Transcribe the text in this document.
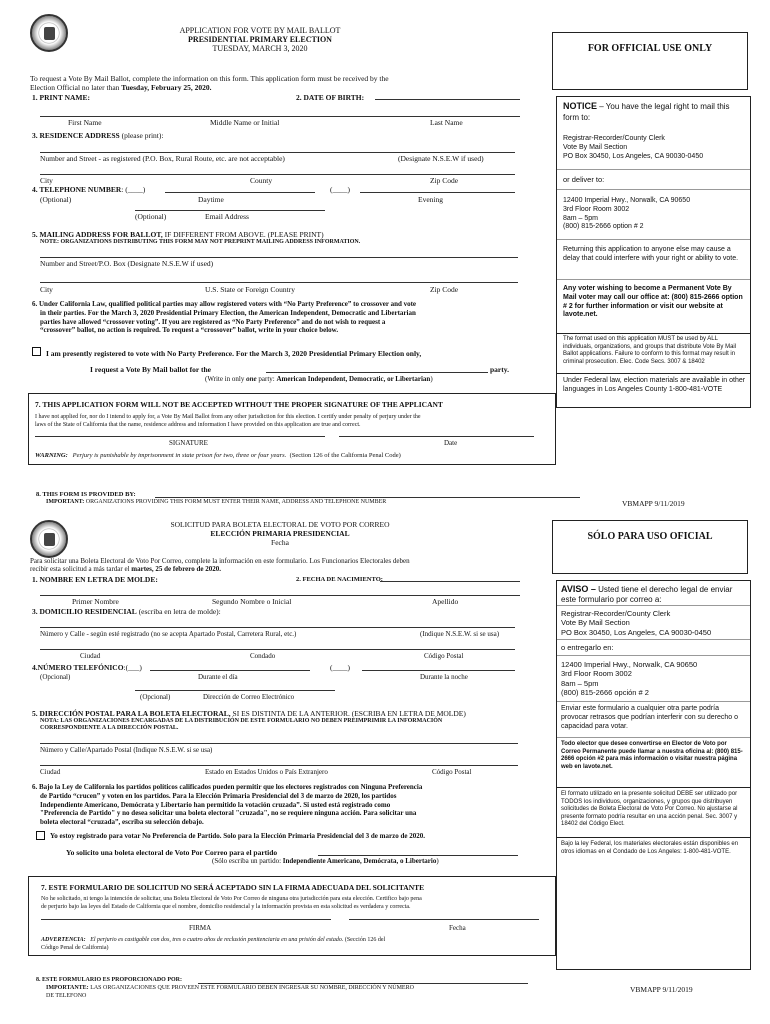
APPLICATION FOR VOTE BY MAIL BALLOT
PRESIDENTIAL PRIMARY ELECTION
TUESDAY, MARCH 3, 2020	FOR OFFICIAL USE ONLY
To request a Vote By Mail Ballot, complete the information on this form. This application form must be received by the
Election Official no later than Tuesday, February 25, 2020.
1. PRINT NAME:	2. DATE OF BIRTH:
First Name	Middle Name or Initial	Last Name
3. RESIDENCE ADDRESS (please print):
Number and Street - as registered (P.O. Box, Rural Route, etc. are not acceptable)	(Designate N.S.E.W if used)
City	County	Zip Code
4. TELEPHONE NUMBER: (____)	(____)
(Optional)	Daytime	Evening
(Optional)	Email Address
5. MAILING ADDRESS FOR BALLOT, IF DIFFERENT FROM ABOVE. (PLEASE PRINT)
NOTE: ORGANIZATIONS DISTRIBUTING THIS FORM MAY NOT PREPRINT MAILING ADDRESS INFORMATION.
Number and Street/P.O. Box (Designate N.S.E.W if used)
City	U.S. State or Foreign Country	Zip Code
6. Under California Law, qualified political parties may allow registered voters with “No Party Preference” to crossover and vote
in their parties. For the March 3, 2020 Presidential Primary Election, the American Independent, Democratic and Libertarian
parties have allowed “crossover voting”. If you are registered as “No Party Preference” and do not wish to request a
“crossover” ballot, no action is required. To request a “crossover” ballot, write in your choice below.
I am presently registered to vote with No Party Preference. For the March 3, 2020 Presidential Primary Election only,
I request a Vote By Mail ballot for the	party.
(Write in only one party: American Independent, Democratic, or Libertarian)
7. THIS APPLICATION FORM WILL NOT BE ACCEPTED WITHOUT THE PROPER SIGNATURE OF THE APPLICANT
I have not applied for, nor do I intend to apply for, a Vote By Mail Ballot from any other jurisdiction for this election. I certify under penalty of perjury under the
laws of the State of California that the name, residence address and information I have provided on this application are true and correct.
SIGNATURE	Date
WARNING: Perjury is punishable by imprisonment in state prison for two, three or four years. (Section 126 of the California Penal Code)
8. THIS FORM IS PROVIDED BY:
IMPORTANT: ORGANIZATIONS PROVIDING THIS FORM MUST ENTER THEIR NAME, ADDRESS AND TELEPHONE NUMBER	VBMAPP 9/11/2019
NOTICE – You have the legal right to mail this form to:
Registrar-Recorder/County Clerk
Vote By Mail Section
PO Box 30450, Los Angeles, CA 90030-0450
or deliver to:
12400 Imperial Hwy., Norwalk, CA 90650
3rd Floor Room 3002
8am – 5pm
(800) 815-2666 option # 2
Returning this application to anyone else may cause a delay that could interfere with your right or ability to vote.
Any voter wishing to become a Permanent Vote By Mail voter may call our office at: (800) 815-2666 option # 2 for further information or visit our website at lavote.net.
The format used on this application MUST be used by ALL individuals, organizations, and groups that distribute Vote By Mail Ballot applications. Failure to conform to this format may result in criminal prosecution. Elec. Code Secs. 3007 & 18402
Under Federal law, election materials are available in other languages in Los Angeles County 1-800-481-VOTE
SOLICITUD PARA BOLETA ELECTORAL DE VOTO POR CORREO
ELECCIÓN PRIMARIA PRESIDENCIAL
Fecha
SÓLO PARA USO OFICIAL
Para solicitar una Boleta Electoral de Voto Por Correo, complete la información en este formulario. Los Funcionarios Electorales deben
recibir esta solicitud a más tardar el martes, 25 de febrero de 2020.
1. NOMBRE EN LETRA DE MOLDE:	2. FECHA DE NACIMIENTO:
Primer Nombre	Segundo Nombre o Inicial	Apellido
3. DOMICILIO RESIDENCIAL (escriba en letra de molde):
Número y Calle - según esté registrado (no se acepta Apartado Postal, Carretera Rural, etc.)	(Indique N.S.E.W. si se usa)
Ciudad	Condado	Código Postal
4.NÚMERO TELEFÓNICO:(___)	(____)
(Opcional)	Durante el día	Durante la noche
(Opcional)	Dirección de Correo Electrónico
5. DIRECCIÓN POSTAL PARA LA BOLETA ELECTORAL, SI ES DISTINTA DE LA ANTERIOR. (ESCRIBA EN LETRA DE MOLDE)
NOTA: LAS ORGANIZACIONES ENCARGADAS DE LA DISTRIBUCIÓN DE ESTE FORMULARIO NO DEBEN PREIMPRIMIR LA INFORMACIÓN
CORRESPONDIENTE A LA DIRECCIÓN POSTAL.
Número y Calle/Apartado Postal (Indique N.S.E.W. si se usa)
Ciudad	Estado en Estados Unidos o País Extranjero	Código Postal
6. Bajo la Ley de California los partidos políticos calificados pueden permitir que los electores registrados con Ninguna Preferencia
de Partido “crucen” y voten en los partidos. Para la Elección Primaria Presidencial del 3 de marzo de 2020, los partidos
Independiente Americano, Demócrata y Libertario han permitido la votación cruzada”. Si usted está registrado como
"Preferencia de Partido" y no desea solicitar una boleta electoral "cruzada", no se requiere ninguna acción. Para solicitar una
boleta electoral “cruzada”, escriba su selección debajo.
Yo estoy registrado para votar No Preferencia de Partido. Solo para la Elección Primaria Presidencial del 3 de marzo de 2020.
Yo solicito una boleta electoral de Voto Por Correo para el partido
(Sólo escriba un partido: Independiente Americano, Demócrata, o Libertario)
7. ESTE FORMULARIO DE SOLICITUD NO SERÁ ACEPTADO SIN LA FIRMA ADECUADA DEL SOLICITANTE
No he solicitado, ni tengo la intención de solicitar, una Boleta Electoral de Voto Por Correo de ninguna otra jurisdicción para esta elección. Certifico bajo pena
de perjurio bajo las leyes del Estado de California que el nombre, domicilio residencial y la información provista en esta solicitud es verdadera y correcta.
FIRMA	Fecha
ADVERTENCIA: El perjurio es castigable con dos, tres o cuatro años de reclusión penitenciaria en una prisión del estado. (Sección 126 del
Código Penal de California)
8. ESTE FORMULARIO ES PROPORCIONADO POR:
IMPORTANTE: LAS ORGANIZACIONES QUE PROVEEN ESTE FORMULARIO DEBEN INGRESAR SU NOMBRE, DIRECCIÓN Y NÚMERO
DE TELEFONO
VBMAPP 9/11/2019
AVISO – Usted tiene el derecho legal de enviar este formulario por correo a:
Registrar-Recorder/County Clerk
Vote By Mail Section
PO Box 30450, Los Angeles, CA 90030-0450
o entregarlo en:
12400 Imperial Hwy., Norwalk, CA 90650
3rd Floor Room 3002
8am – 5pm
(800) 815-2666 opción # 2
Enviar este formulario a cualquier otra parte podría provocar retrasos que podrían interferir con su derecho o capacidad para votar.
Todo elector que desee convertirse en Elector de Voto por Correo Permanente puede llamar a nuestra oficina al: (800) 815-2666 opción #2 para más información o visitar nuestra página web en lavote.net.
El formato utilizado en la presente solicitud DEBE ser utilizado por TODOS los individuos, organizaciones, y grupos que distribuyen solicitudes de Boleta Electoral de Voto Por Correo. No ajustarse al presente formato podría resultar en una acción penal. Sec. 3007 y 18402 del Código Elect.
Bajo la ley Federal, los materiales electorales están disponibles en otros idiomas en el Condado de Los Angeles: 1-800-481-VOTE.
